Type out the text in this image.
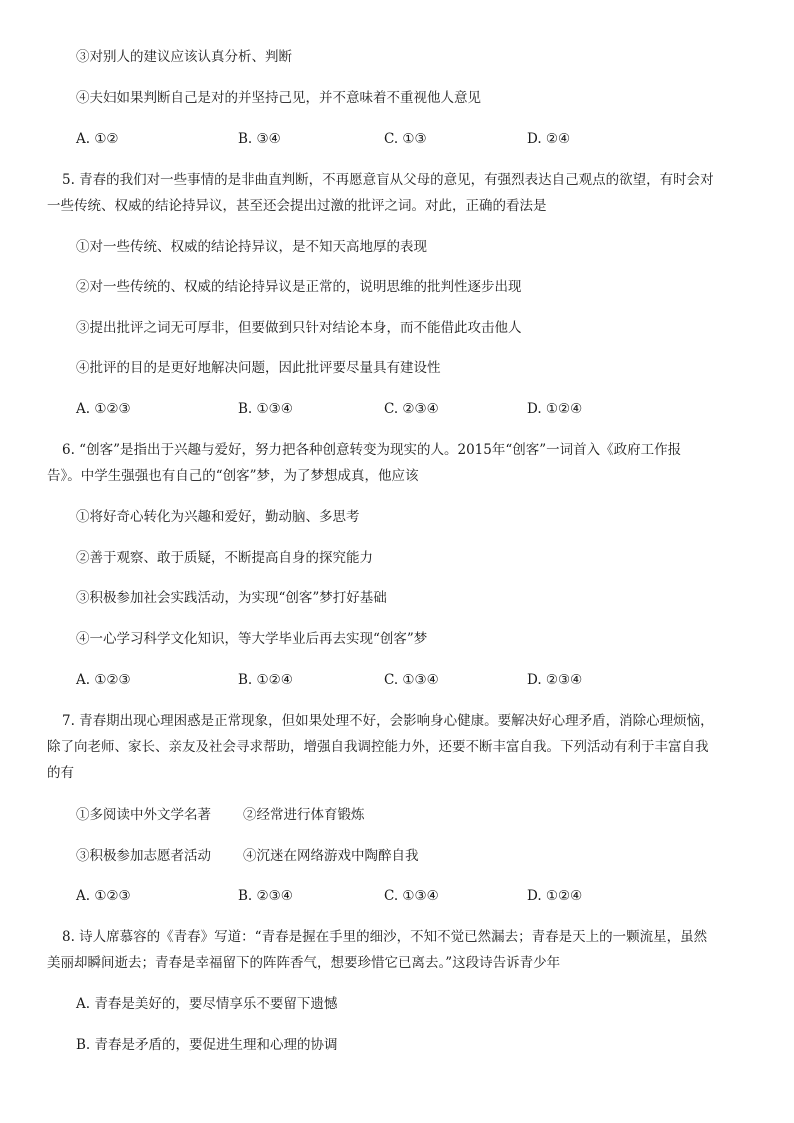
③对别人的建议应该认真分析、判断
④夫妇如果判断自己是对的并坚持己见，并不意味着不重视他人意见
A. ①②	B. ③④	C. ①③	D. ②④
5. 青春的我们对一些事情的是非曲直判断，不再愿意盲从父母的意见，有强烈表达自己观点的欲望，有时会对
一些传统、权威的结论持异议，甚至还会提出过激的批评之词。对此，正确的看法是
①对一些传统、权威的结论持异议，是不知天高地厚的表现
②对一些传统的、权威的结论持异议是正常的，说明思维的批判性逐步出现
③提出批评之词无可厚非，但要做到只针对结论本身，而不能借此攻击他人
④批评的目的是更好地解决问题，因此批评要尽量具有建设性
A. ①②③	B. ①③④	C. ②③④	D. ①②④
6. “创客”是指出于兴趣与爱好，努力把各种创意转变为现实的人。2015年“创客”一词首入《政府工作报
告》。中学生强强也有自己的“创客”梦，为了梦想成真，他应该
①将好奇心转化为兴趣和爱好，勤动脑、多思考
②善于观察、敢于质疑，不断提高自身的探究能力
③积极参加社会实践活动，为实现“创客”梦打好基础
④一心学习科学文化知识，等大学毕业后再去实现“创客”梦
A. ①②③	B. ①②④	C. ①③④	D. ②③④
7. 青春期出现心理困惑是正常现象，但如果处理不好，会影响身心健康。要解决好心理矛盾，消除心理烦恼，
除了向老师、家长、亲友及社会寻求帮助，增强自我调控能力外，还要不断丰富自我。下列活动有利于丰富自我
的有
①多阅读中外文学名著 ②经常进行体育锻炼
③积极参加志愿者活动 ④沉迷在网络游戏中陶醉自我
A. ①②③	B. ②③④	C. ①③④	D. ①②④
8. 诗人席慕容的《青春》写道：“青春是握在手里的细沙，不知不觉已然漏去；青春是天上的一颗流星，虽然
美丽却瞬间逝去；青春是幸福留下的阵阵香气，想要珍惜它已离去。”这段诗告诉青少年
A. 青春是美好的，要尽情享乐不要留下遗憾
B. 青春是矛盾的，要促进生理和心理的协调
